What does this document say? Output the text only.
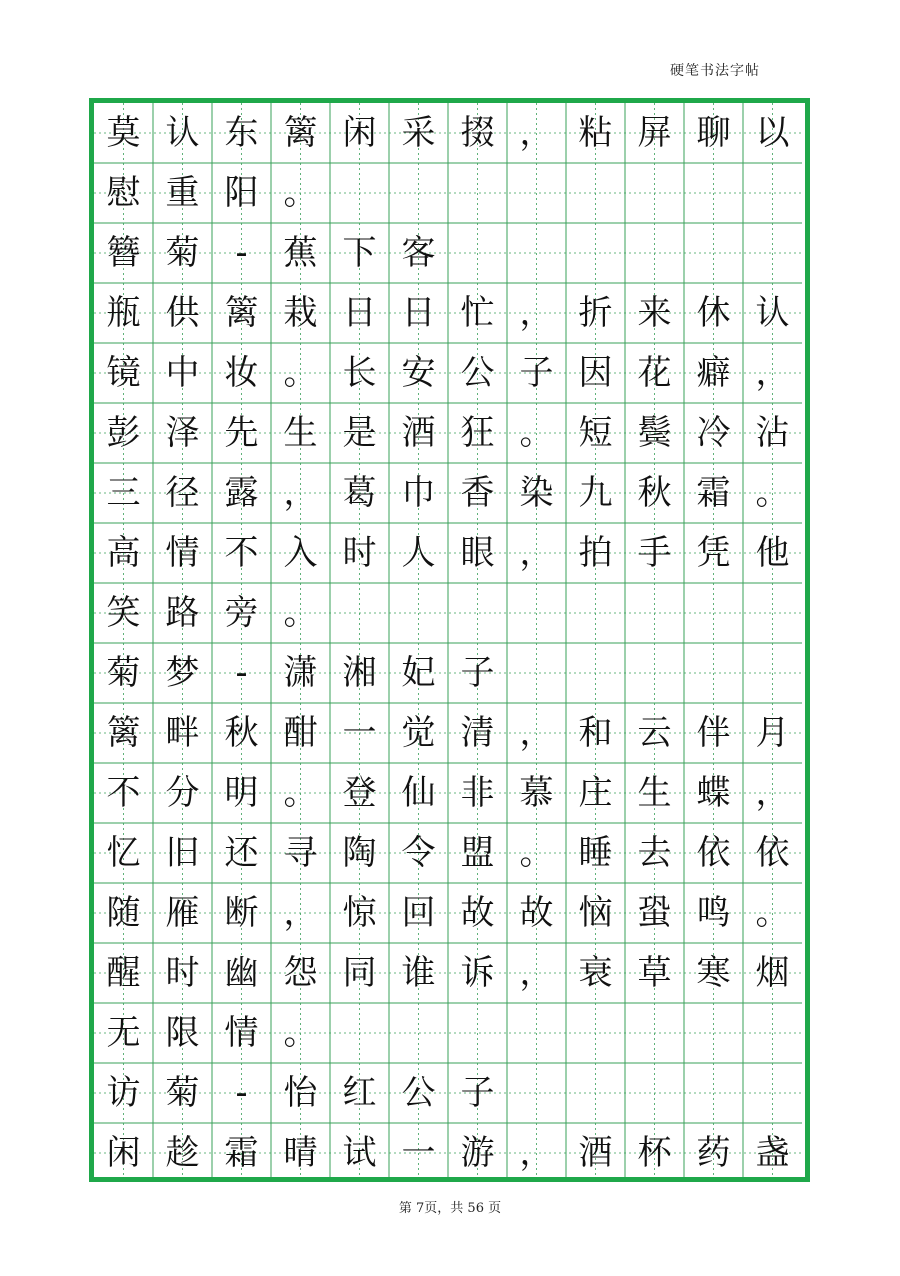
硬笔书法字帖
莫 认 东 篱 闲 采 掇 ， 粘 屏 聊 以
慰 重 阳 。
簪 菊	-	蕉 下 客
瓶 供 篱 栽 日 日 忙 ， 折 来 休 认
镜 中 妆 。 长 安 公 子 因 花 癖 ，
彭 泽 先 生 是 酒 狂 。 短 鬓 冷 沾
三 径 露 ， 葛 巾 香 染 九 秋 霜 。
高 情 不 入 时 人 眼 ， 拍 手 凭 他
笑 路 旁 。
菊 梦	-	潇 湘 妃 子
篱 畔 秋 酣 一 觉 清 ， 和 云 伴 月
不 分 明 。 登 仙 非 慕 庄 生 蝶 ，
忆 旧 还 寻 陶 令 盟 。 睡 去 依 依
随 雁 断 ， 惊 回 故 故 恼 蛩 鸣 。
醒 时 幽 怨 同 谁 诉 ， 衰 草 寒 烟
无 限 情 。
访 菊	-	怡 红 公 子
闲 趁 霜 晴 试 一 游 ， 酒 杯 药 盏
第 7页，共 56 页
